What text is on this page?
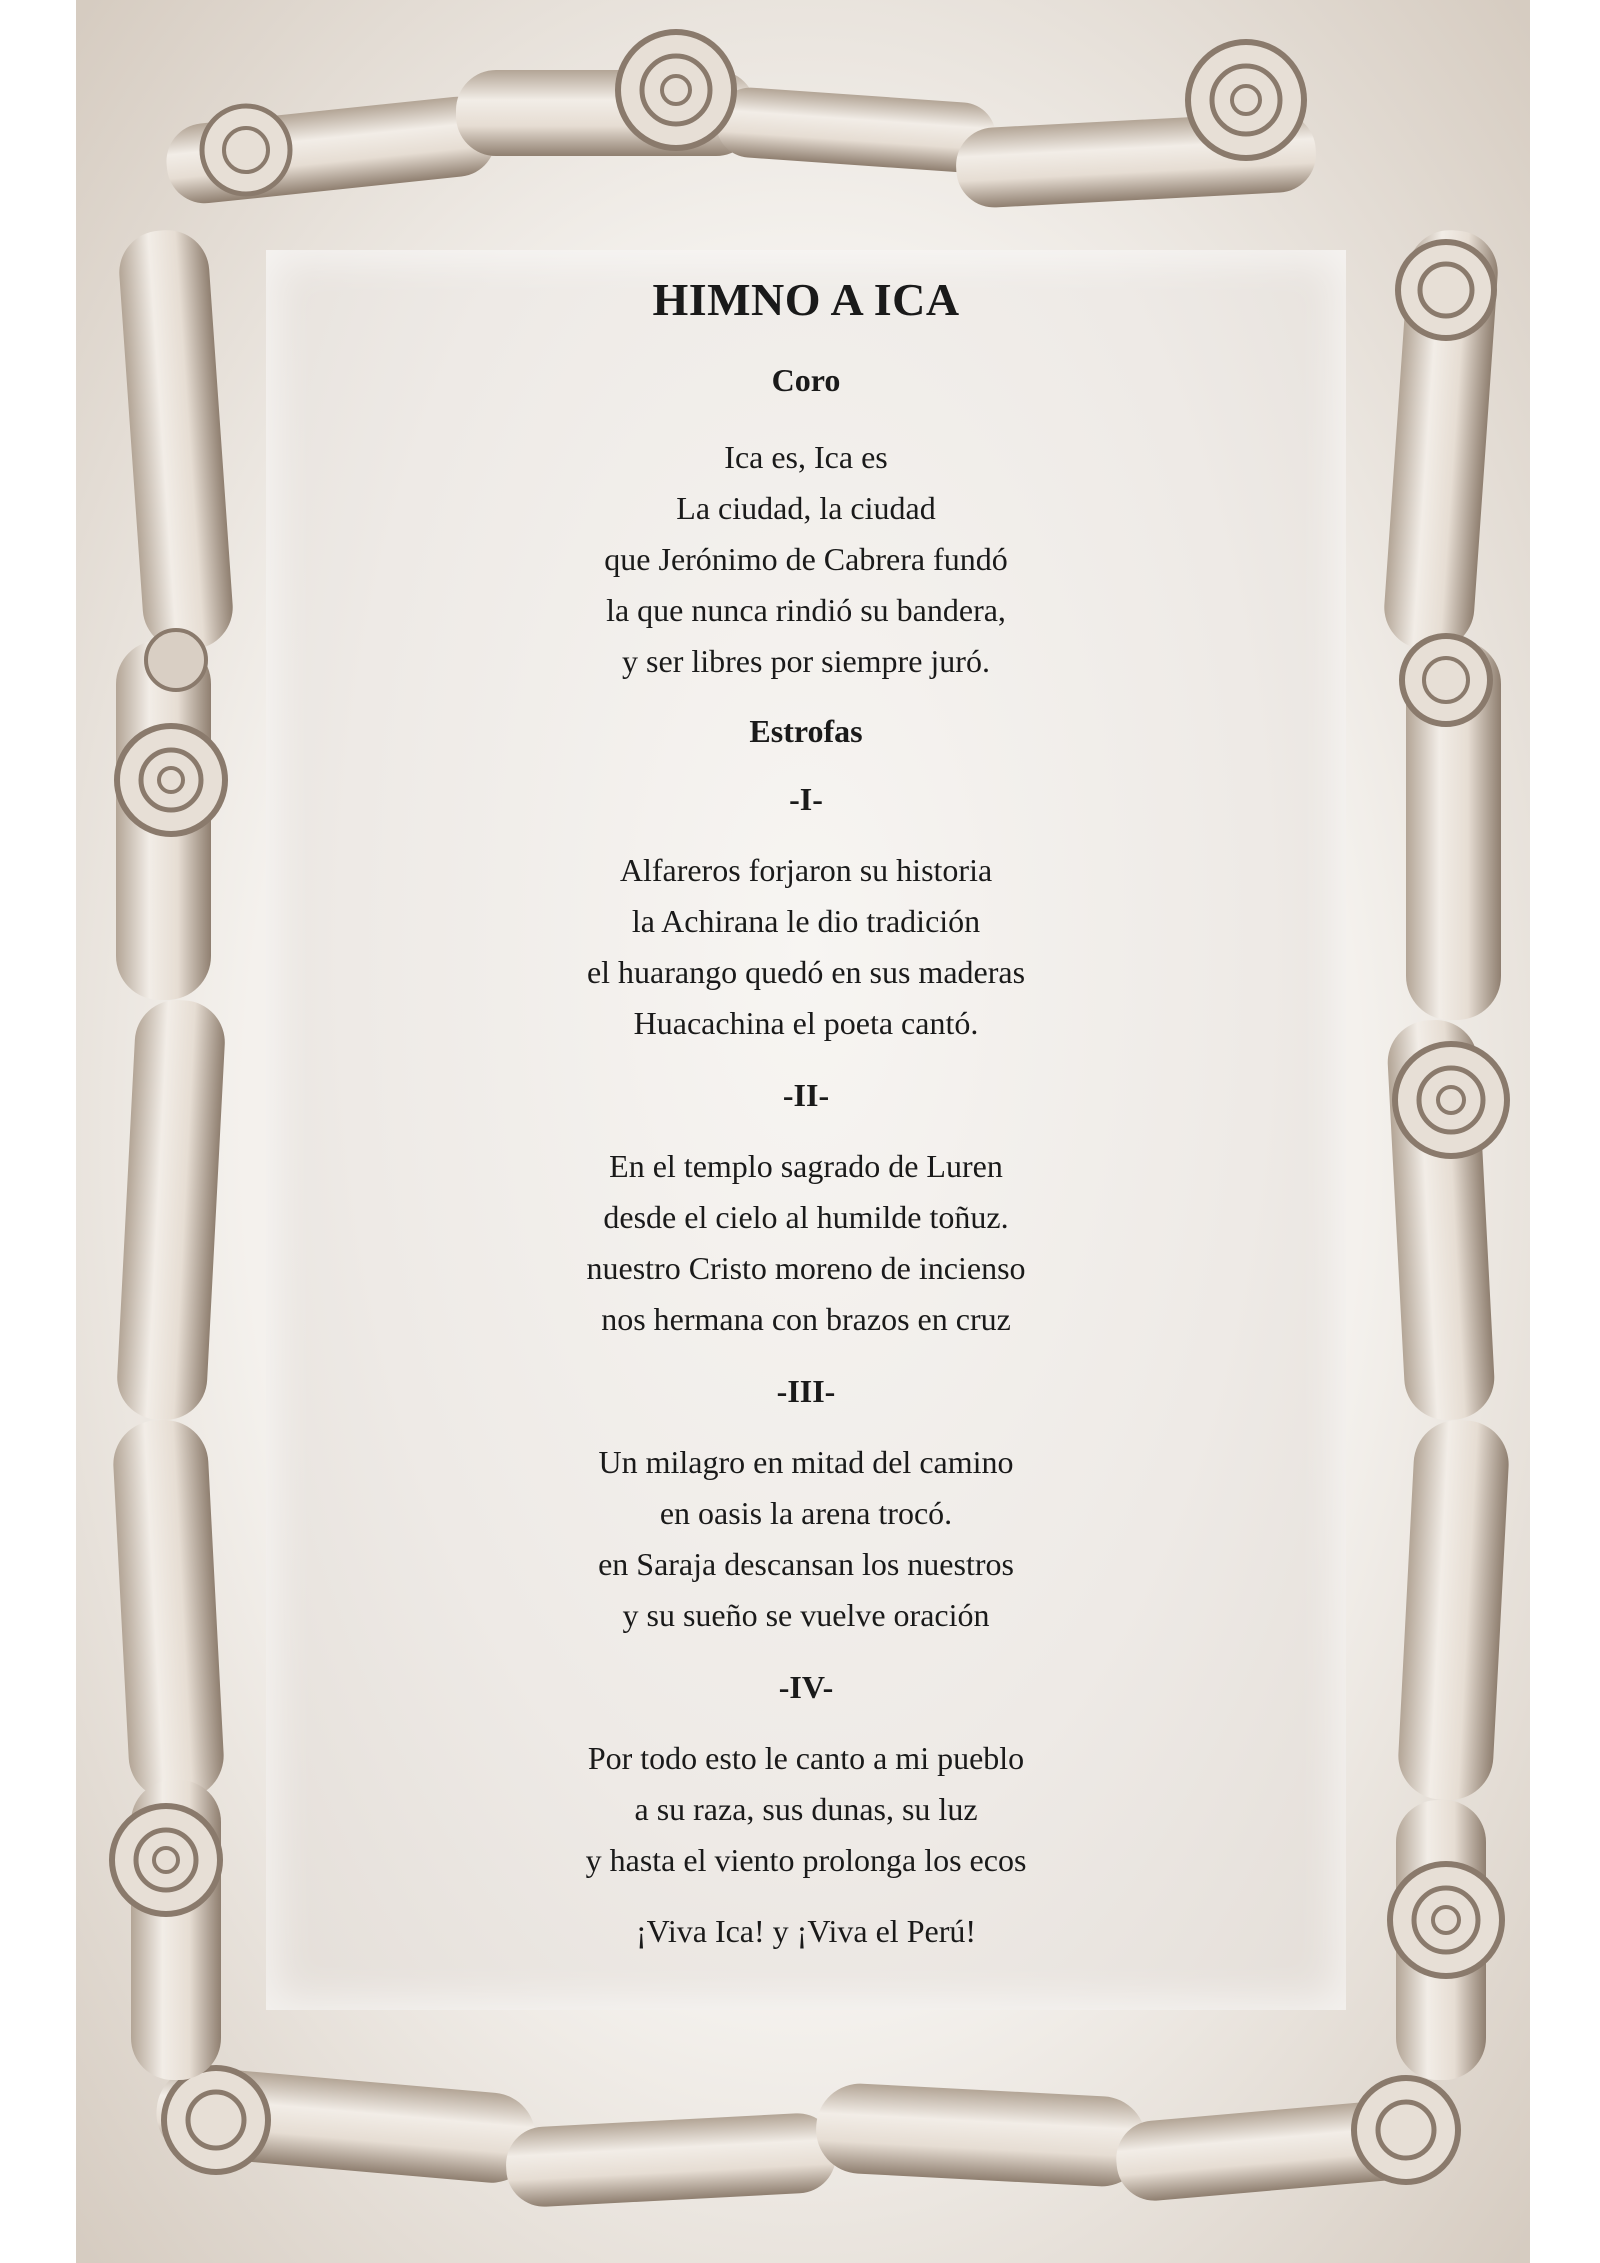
HIMNO A ICA
Coro
Ica es, Ica es
La ciudad, la ciudad
que Jerónimo de Cabrera fundó
la que nunca rindió su bandera,
y ser libres por siempre juró.
Estrofas
-I-
Alfareros forjaron su historia
la Achirana le dio tradición
el huarango quedó en sus maderas
Huacachina el poeta cantó.
-II-
En el templo sagrado de Luren
desde el cielo al humilde toñuz.
nuestro Cristo moreno de incienso
nos hermana con brazos en cruz
-III-
Un milagro en mitad del camino
en oasis la arena trocó.
en Saraja descansan los nuestros
y su sueño se vuelve oración
-IV-
Por todo esto le canto a mi pueblo
a su raza, sus dunas, su luz
y hasta el viento prolonga los ecos
¡Viva Ica! y ¡Viva el Perú!
